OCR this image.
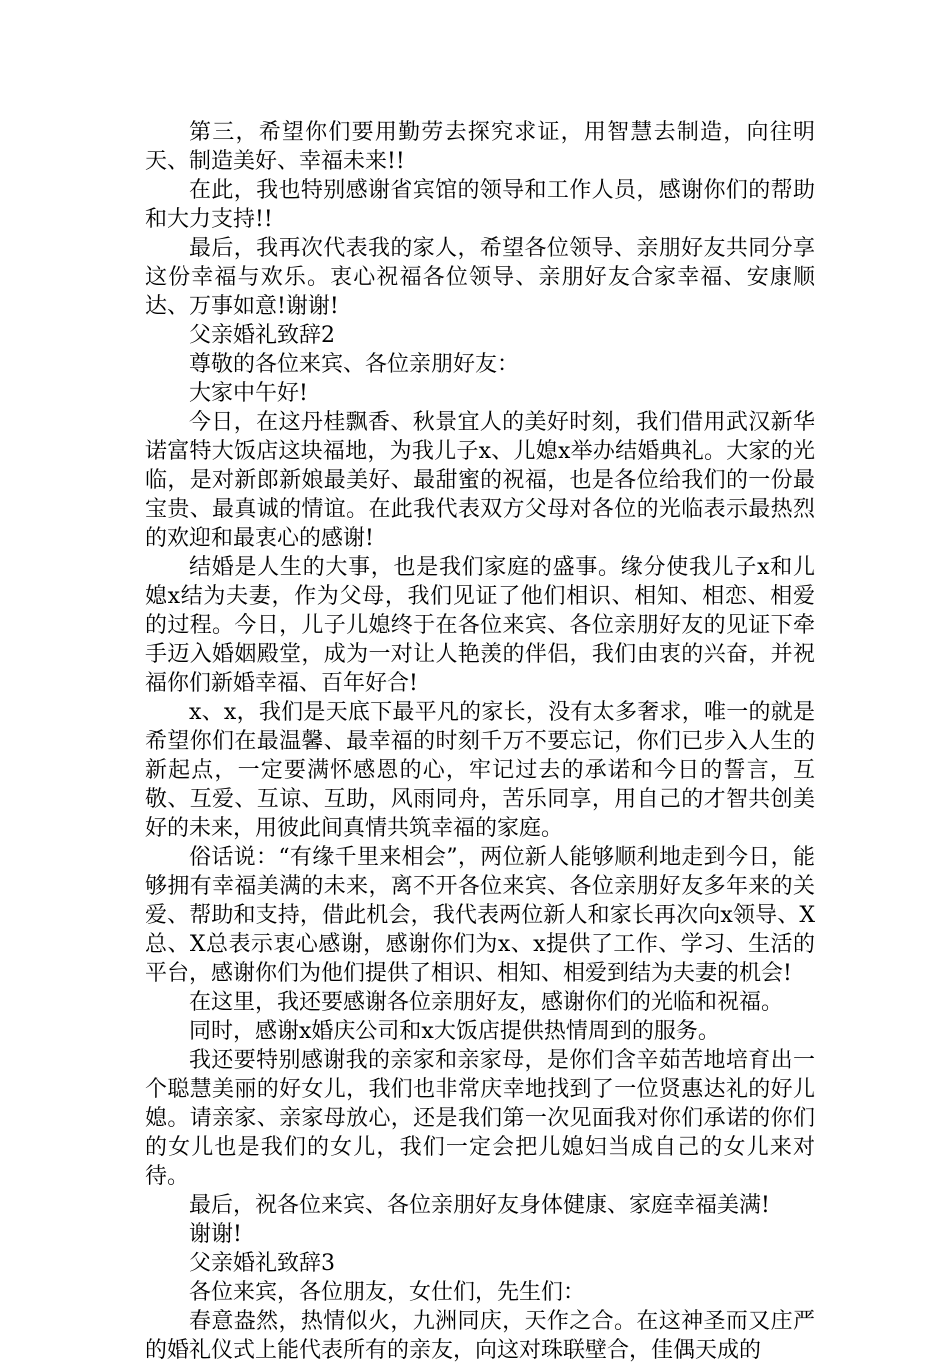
第三，希望你们要用勤劳去探究求证，用智慧去制造，向往明天、制造美好、幸福未来!!

在此，我也特别感谢省宾馆的领导和工作人员，感谢你们的帮助和大力支持!!

最后，我再次代表我的家人，希望各位领导、亲朋好友共同分享这份幸福与欢乐。衷心祝福各位领导、亲朋好友合家幸福、安康顺达、万事如意!谢谢!

父亲婚礼致辞2

尊敬的各位来宾、各位亲朋好友：

大家中午好!

今日，在这丹桂飘香、秋景宜人的美好时刻，我们借用武汉新华诺富特大饭店这块福地，为我儿子x、儿媳x举办结婚典礼。大家的光临，是对新郎新娘最美好、最甜蜜的祝福，也是各位给我们的一份最宝贵、最真诚的情谊。在此我代表双方父母对各位的光临表示最热烈的欢迎和最衷心的感谢!

结婚是人生的大事，也是我们家庭的盛事。缘分使我儿子x和儿媳x结为夫妻，作为父母，我们见证了他们相识、相知、相恋、相爱的过程。今日，儿子儿媳终于在各位来宾、各位亲朋好友的见证下牵手迈入婚姻殿堂，成为一对让人艳羡的伴侣，我们由衷的兴奋，并祝福你们新婚幸福、百年好合!

x、x，我们是天底下最平凡的家长，没有太多奢求，唯一的就是希望你们在最温馨、最幸福的时刻千万不要忘记，你们已步入人生的新起点，一定要满怀感恩的心，牢记过去的承诺和今日的誓言，互敬、互爱、互谅、互助，风雨同舟，苦乐同享，用自己的才智共创美好的未来，用彼此间真情共筑幸福的家庭。

俗话说：“有缘千里来相会”，两位新人能够顺利地走到今日，能够拥有幸福美满的未来，离不开各位来宾、各位亲朋好友多年来的关爱、帮助和支持，借此机会，我代表两位新人和家长再次向x领导、X总、X总表示衷心感谢，感谢你们为x、x提供了工作、学习、生活的平台，感谢你们为他们提供了相识、相知、相爱到结为夫妻的机会!

在这里，我还要感谢各位亲朋好友，感谢你们的光临和祝福。

同时，感谢x婚庆公司和x大饭店提供热情周到的服务。

我还要特别感谢我的亲家和亲家母，是你们含辛茹苦地培育出一个聪慧美丽的好女儿，我们也非常庆幸地找到了一位贤惠达礼的好儿媳。请亲家、亲家母放心，还是我们第一次见面我对你们承诺的你们的女儿也是我们的女儿，我们一定会把儿媳妇当成自己的女儿来对待。

最后，祝各位来宾、各位亲朋好友身体健康、家庭幸福美满!

谢谢!

父亲婚礼致辞3

各位来宾，各位朋友，女仕们，先生们：

春意盎然，热情似火，九洲同庆，天作之合。在这神圣而又庄严的婚礼仪式上能代表所有的亲友，向这对珠联壁合，佳偶天成的
